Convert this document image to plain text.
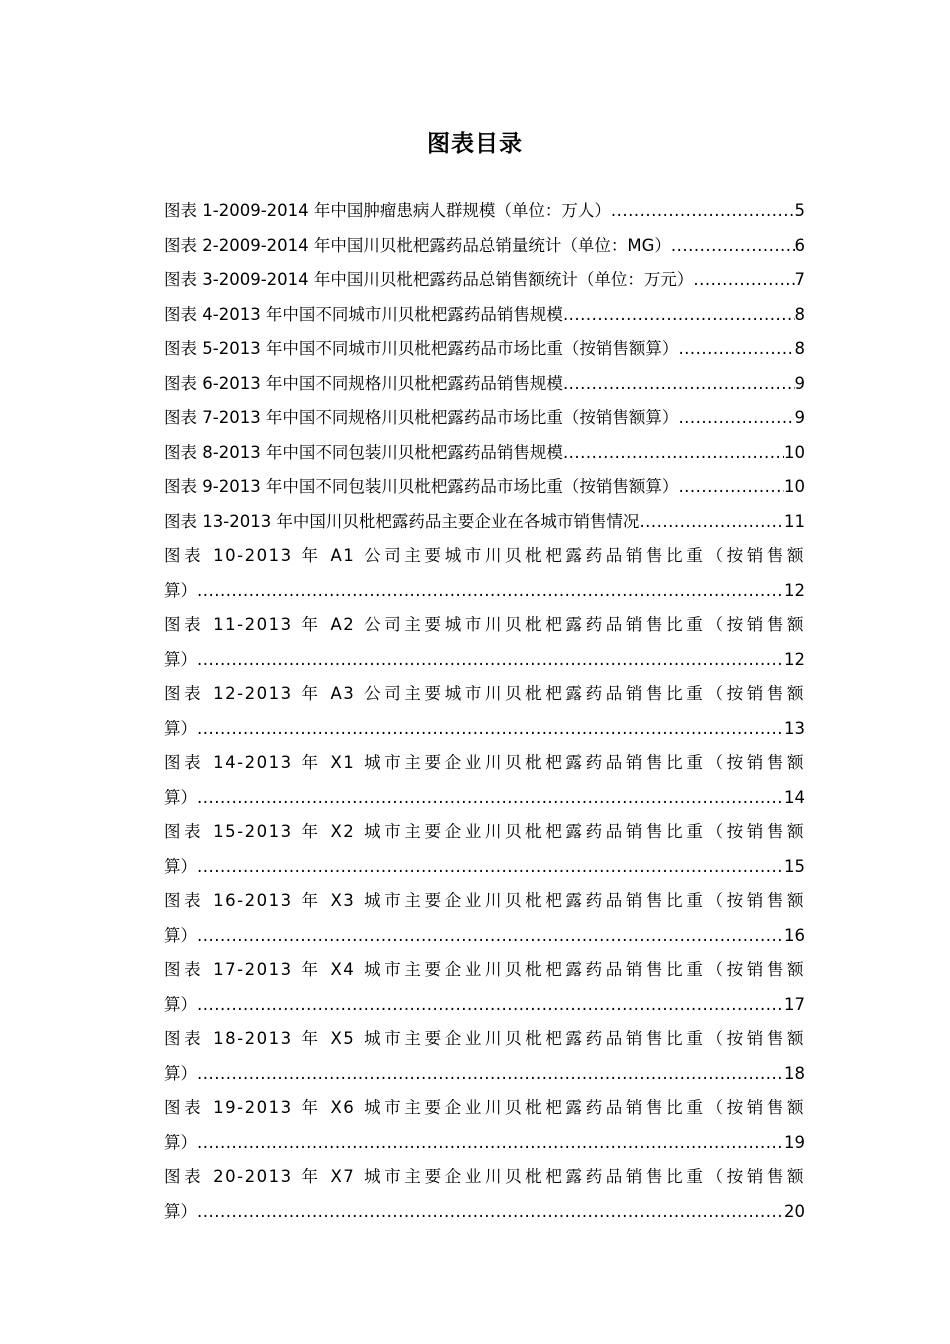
图表目录
图表 1-2009-2014 年中国肿瘤患病人群规模（单位：万人） .....	5
图表 2-2009-2014 年中国川贝枇杷露药品总销量统计（单位：MG） .....	6
图表 3-2009-2014 年中国川贝枇杷露药品总销售额统计（单位：万元） .....	7
图表 4-2013 年中国不同城市川贝枇杷露药品销售规模 .....	8
图表 5-2013 年中国不同城市川贝枇杷露药品市场比重（按销售额算） .....	8
图表 6-2013 年中国不同规格川贝枇杷露药品销售规模 .....	9
图表 7-2013 年中国不同规格川贝枇杷露药品市场比重（按销售额算） .....	9
图表 8-2013 年中国不同包装川贝枇杷露药品销售规模 .....	10
图表 9-2013 年中国不同包装川贝枇杷露药品市场比重（按销售额算） .....	10
图表 13-2013 年中国川贝枇杷露药品主要企业在各城市销售情况 .....	11
图表 10-2013 年 A1 公司主要城市川贝枇杷露药品销售比重（按销售额
算） .....	12
图表 11-2013 年 A2 公司主要城市川贝枇杷露药品销售比重（按销售额
算） .....	12
图表 12-2013 年 A3 公司主要城市川贝枇杷露药品销售比重（按销售额
算） .....	13
图表 14-2013 年 X1 城市主要企业川贝枇杷露药品销售比重（按销售额
算） .....	14
图表 15-2013 年 X2 城市主要企业川贝枇杷露药品销售比重（按销售额
算） .....	15
图表 16-2013 年 X3 城市主要企业川贝枇杷露药品销售比重（按销售额
算） .....	16
图表 17-2013 年 X4 城市主要企业川贝枇杷露药品销售比重（按销售额
算） .....	17
图表 18-2013 年 X5 城市主要企业川贝枇杷露药品销售比重（按销售额
算） .....	18
图表 19-2013 年 X6 城市主要企业川贝枇杷露药品销售比重（按销售额
算） .....	19
图表 20-2013 年 X7 城市主要企业川贝枇杷露药品销售比重（按销售额
算） .....	20
